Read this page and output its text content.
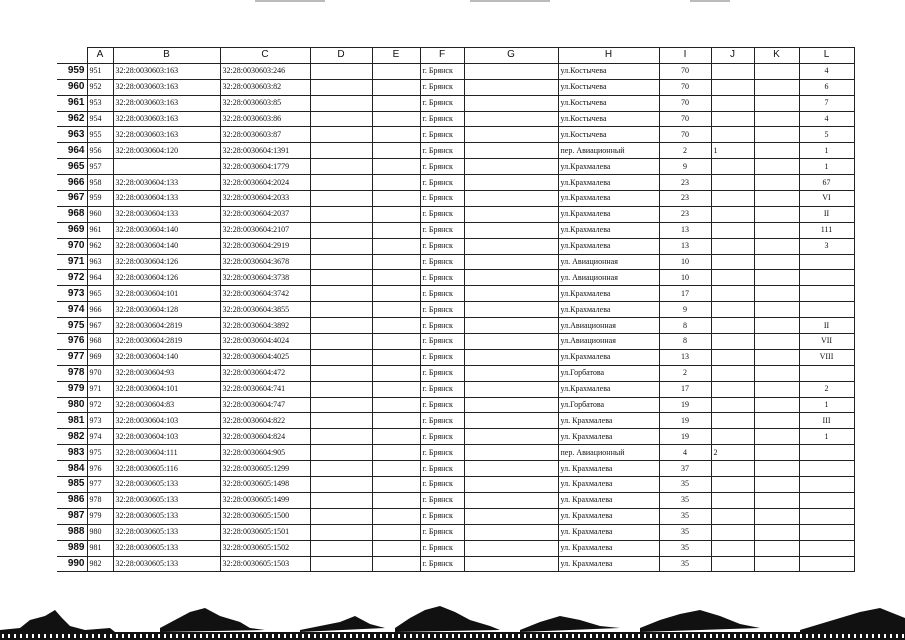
	A	B	C	D	E	F	G	H	I	J	K	L
959	951	32:28:0030603:163	32:28:0030603:246			г. Брянск		ул.Костычева	70			4
960	952	32:28:0030603:163	32:28:0030603:82			г. Брянск		ул.Костычева	70			6
961	953	32:28:0030603:163	32:28:0030603:85			г. Брянск		ул.Костычева	70			7
962	954	32:28:0030603:163	32:28:0030603:86			г. Брянск		ул.Костычева	70			4
963	955	32:28:0030603:163	32:28:0030603:87			г. Брянск		ул.Костычева	70			5
964	956	32:28:0030604:120	32:28:0030604:1391			г. Брянск		пер. Авиационный	2	1		1
965	957		32:28:0030604:1779			г. Брянск		ул.Крахмалева	9			1
966	958	32:28:0030604:133	32:28:0030604:2024			г. Брянск		ул.Крахмалева	23			67
967	959	32:28:0030604:133	32:28:0030604:2033			г. Брянск		ул.Крахмалева	23			VI
968	960	32:28:0030604:133	32:28:0030604:2037			г. Брянск		ул.Крахмалева	23			II
969	961	32:28:0030604:140	32:28:0030604:2107			г. Брянск		ул.Крахмалева	13			111
970	962	32:28:0030604:140	32:28:0030604:2919			г. Брянск		ул.Крахмалева	13			3
971	963	32:28:0030604:126	32:28:0030604:3678			г. Брянск		ул. Авиационная	10			
972	964	32:28:0030604:126	32:28:0030604:3738			г. Брянск		ул. Авиационная	10			
973	965	32:28:0030604:101	32:28:0030604:3742			г. Брянск		ул.Крахмалева	17			
974	966	32:28:0030604:128	32:28:0030604:3855			г. Брянск		ул.Крахмалева	9			
975	967	32:28:0030604:2819	32:28:0030604:3892			г. Брянск		ул.Авиационная	8			II
976	968	32:28:0030604:2819	32:28:0030604:4024			г. Брянск		ул.Авиационная	8			VII
977	969	32:28:0030604:140	32:28:0030604:4025			г. Брянск		ул.Крахмалева	13			VIII
978	970	32:28:0030604:93	32:28:0030604:472			г. Брянск		ул.Горбатова	2			
979	971	32:28:0030604:101	32:28:0030604:741			г. Брянск		ул.Крахмалева	17			2
980	972	32:28:0030604:83	32:28:0030604:747			г. Брянск		ул.Горбатова	19			1
981	973	32:28:0030604:103	32:28:0030604:822			г. Брянск		ул. Крахмалева	19			III
982	974	32:28:0030604:103	32:28:0030604:824			г. Брянск		ул. Крахмалева	19			1
983	975	32:28:0030604:111	32:28:0030604:905			г. Брянск		пер. Авиационный	4	2		
984	976	32:28:0030605:116	32:28:0030605:1299			г. Брянск		ул. Крахмалева	37			
985	977	32:28:0030605:133	32:28:0030605:1498			г. Брянск		ул. Крахмалева	35			
986	978	32:28:0030605:133	32:28:0030605:1499			г. Брянск		ул. Крахмалева	35			
987	979	32:28:0030605:133	32:28:0030605:1500			г. Брянск		ул. Крахмалева	35			
988	980	32:28:0030605:133	32:28:0030605:1501			г. Брянск		ул. Крахмалева	35			
989	981	32:28:0030605:133	32:28:0030605:1502			г. Брянск		ул. Крахмалева	35			
990	982	32:28:0030605:133	32:28:0030605:1503			г. Брянск		ул. Крахмалева	35			
